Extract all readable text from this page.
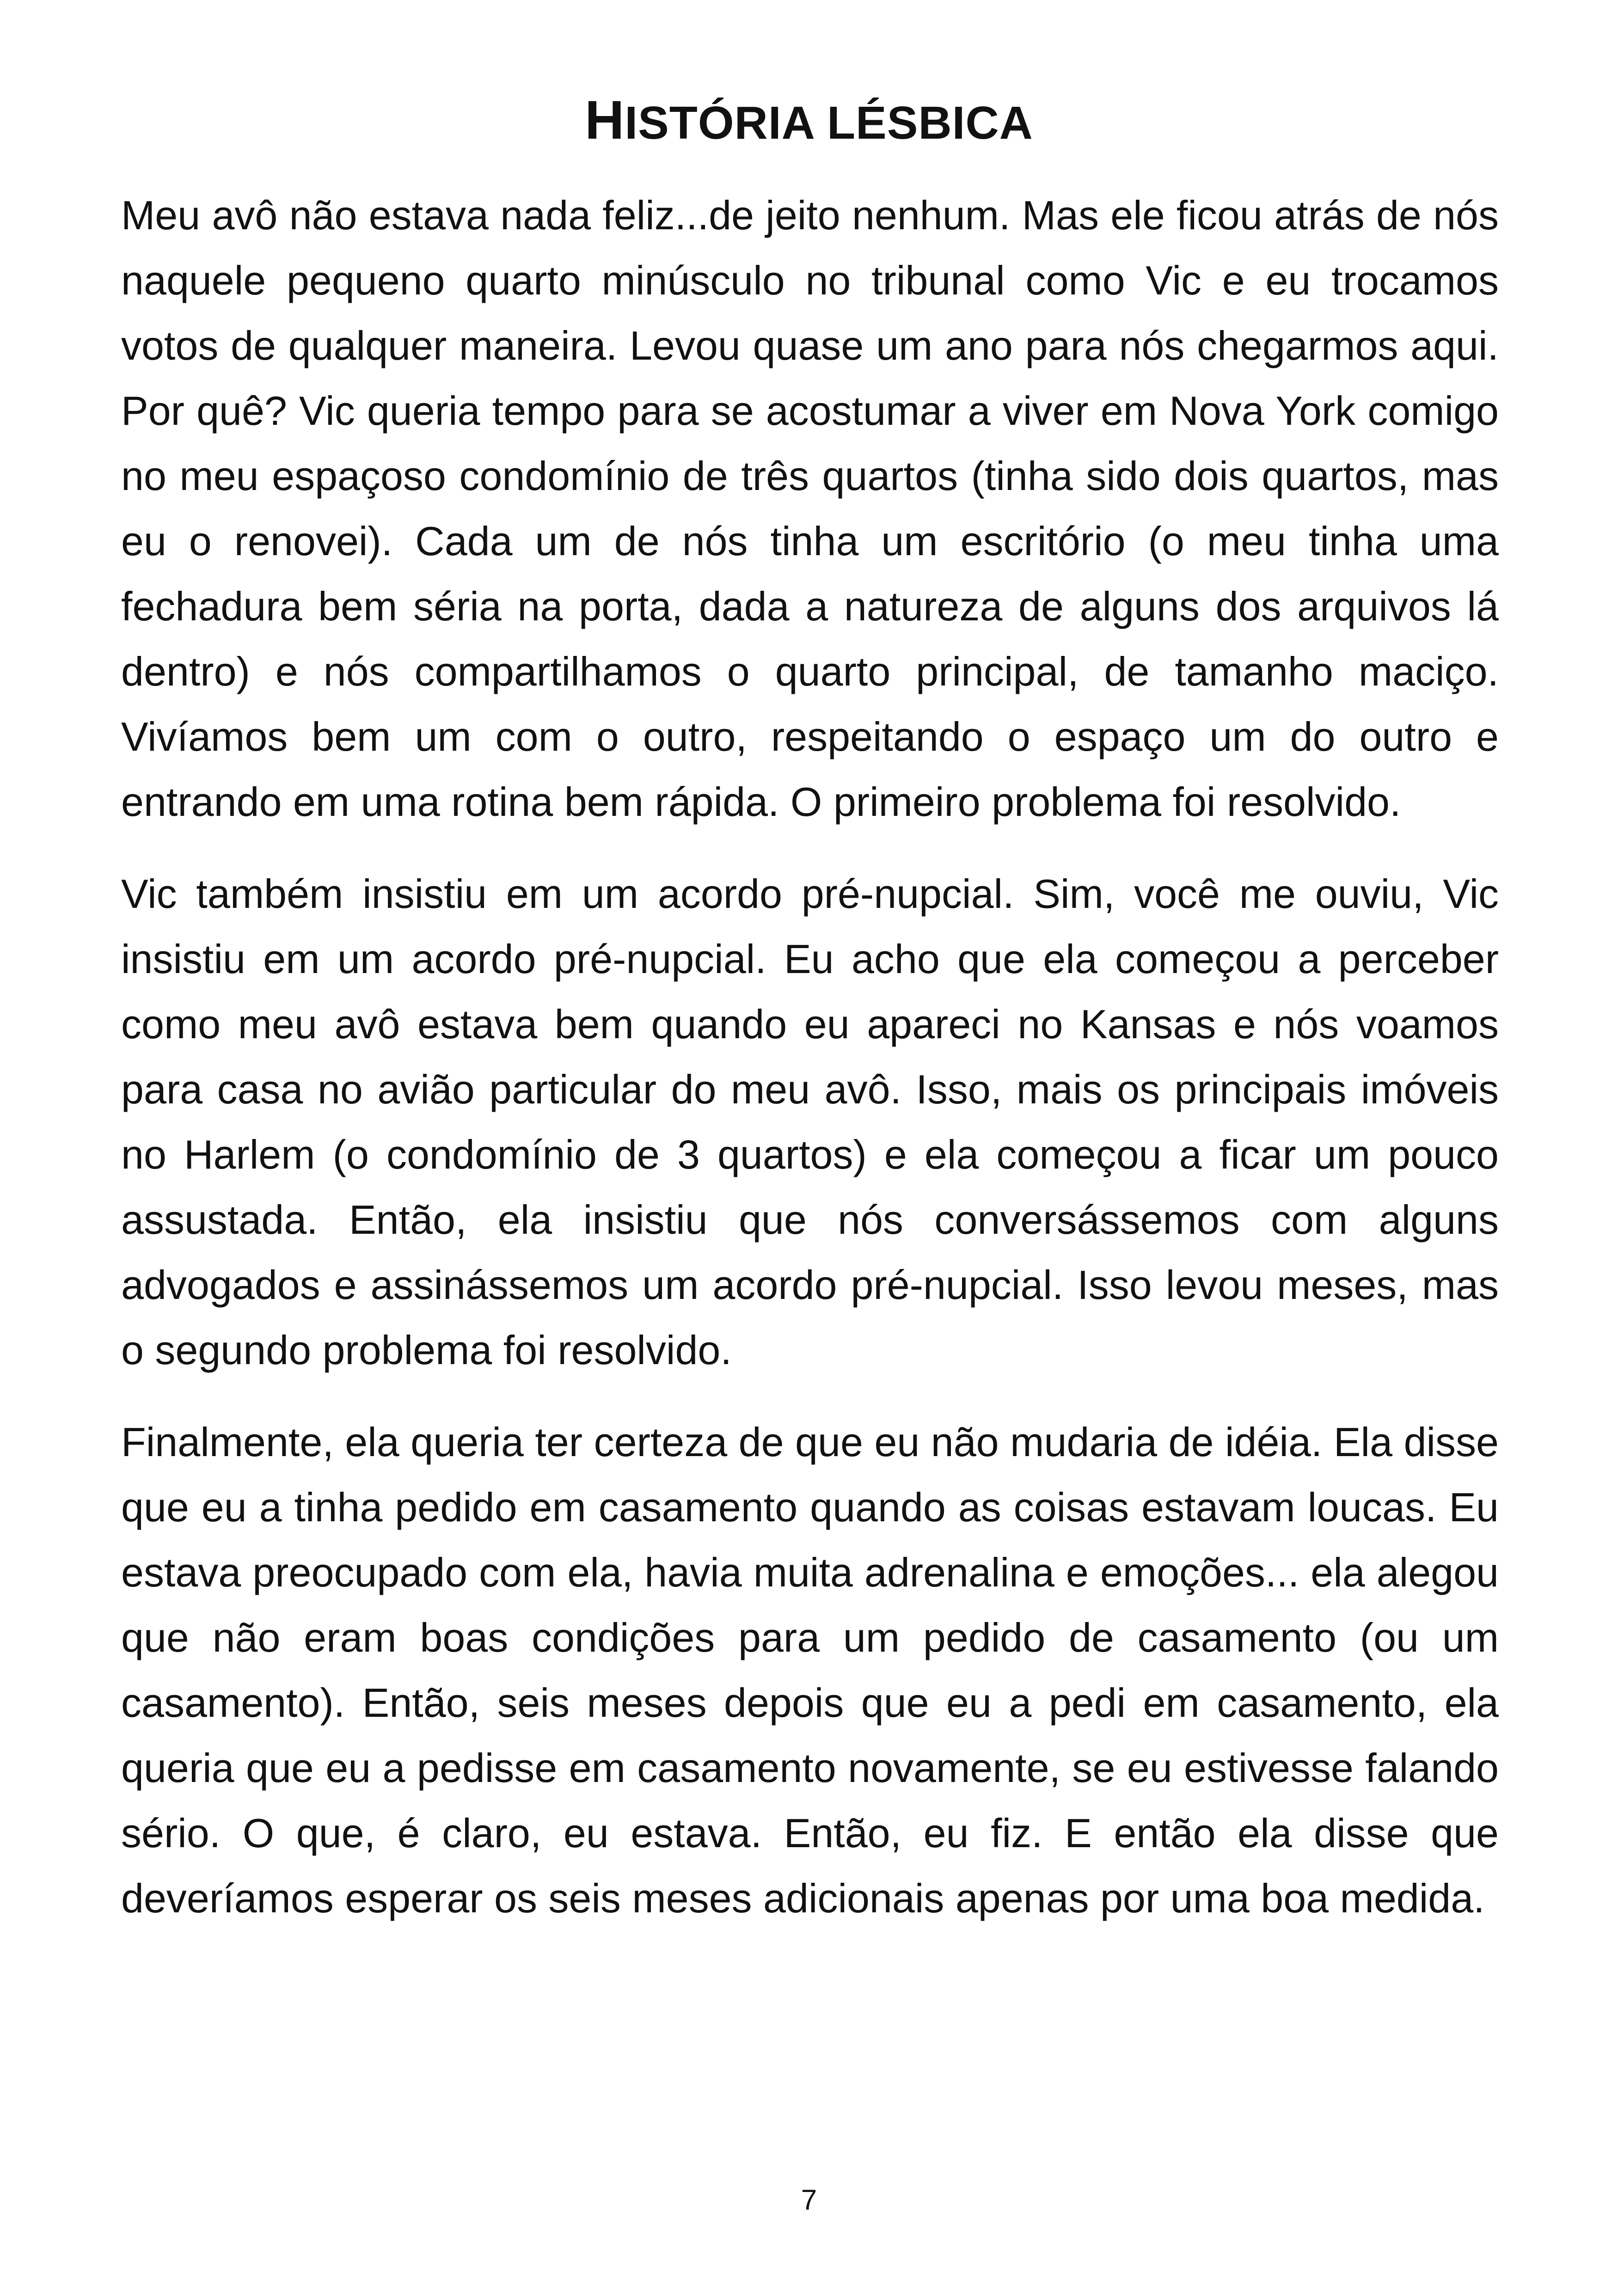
HISTÓRIA LÉSBICA

Meu avô não estava nada feliz...de jeito nenhum. Mas ele ficou atrás de nós naquele pequeno quarto minúsculo no tribunal como Vic e eu trocamos votos de qualquer maneira. Levou quase um ano para nós chegarmos aqui. Por quê? Vic queria tempo para se acostumar a viver em Nova York comigo no meu espaçoso condomínio de três quartos (tinha sido dois quartos, mas eu o renovei). Cada um de nós tinha um escritório (o meu tinha uma fechadura bem séria na porta, dada a natureza de alguns dos arquivos lá dentro) e nós compartilhamos o quarto principal, de tamanho maciço. Vivíamos bem um com o outro, respeitando o espaço um do outro e entrando em uma rotina bem rápida. O primeiro problema foi resolvido.

Vic também insistiu em um acordo pré-nupcial. Sim, você me ouviu, Vic insistiu em um acordo pré-nupcial. Eu acho que ela começou a perceber como meu avô estava bem quando eu apareci no Kansas e nós voamos para casa no avião particular do meu avô. Isso, mais os principais imóveis no Harlem (o condomínio de 3 quartos) e ela começou a ficar um pouco assustada. Então, ela insistiu que nós conversássemos com alguns advogados e assinássemos um acordo pré-nupcial. Isso levou meses, mas o segundo problema foi resolvido.

Finalmente, ela queria ter certeza de que eu não mudaria de idéia. Ela disse que eu a tinha pedido em casamento quando as coisas estavam loucas. Eu estava preocupado com ela, havia muita adrenalina e emoções... ela alegou que não eram boas condições para um pedido de casamento (ou um casamento). Então, seis meses depois que eu a pedi em casamento, ela queria que eu a pedisse em casamento novamente, se eu estivesse falando sério. O que, é claro, eu estava. Então, eu fiz. E então ela disse que deveríamos esperar os seis meses adicionais apenas por uma boa medida.

7
